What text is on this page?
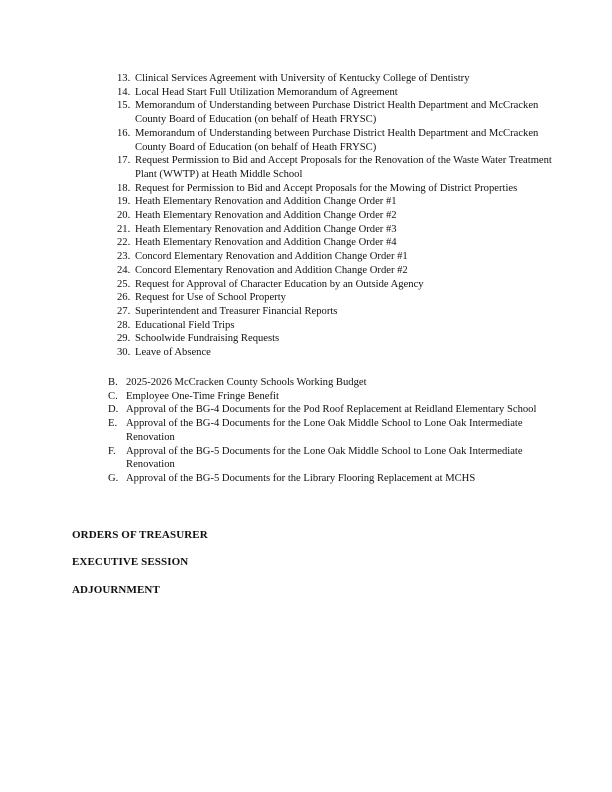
13. Clinical Services Agreement with University of Kentucky College of Dentistry
14. Local Head Start Full Utilization Memorandum of Agreement
15. Memorandum of Understanding between Purchase District Health Department and McCracken County Board of Education (on behalf of Heath FRYSC)
16. Memorandum of Understanding between Purchase District Health Department and McCracken County Board of Education (on behalf of Heath FRYSC)
17. Request Permission to Bid and Accept Proposals for the Renovation of the Waste Water Treatment Plant (WWTP) at Heath Middle School
18. Request for Permission to Bid and Accept Proposals for the Mowing of District Properties
19. Heath Elementary Renovation and Addition Change Order #1
20. Heath Elementary Renovation and Addition Change Order #2
21. Heath Elementary Renovation and Addition Change Order #3
22. Heath Elementary Renovation and Addition Change Order #4
23. Concord Elementary Renovation and Addition Change Order #1
24. Concord Elementary Renovation and Addition Change Order #2
25. Request for Approval of Character Education by an Outside Agency
26. Request for Use of School Property
27. Superintendent and Treasurer Financial Reports
28. Educational Field Trips
29. Schoolwide Fundraising Requests
30. Leave of Absence
B. 2025-2026 McCracken County Schools Working Budget
C. Employee One-Time Fringe Benefit
D. Approval of the BG-4 Documents for the Pod Roof Replacement at Reidland Elementary School
E. Approval of the BG-4 Documents for the Lone Oak Middle School to Lone Oak Intermediate Renovation
F. Approval of the BG-5 Documents for the Lone Oak Middle School to Lone Oak Intermediate Renovation
G. Approval of the BG-5 Documents for the Library Flooring Replacement at MCHS
ORDERS OF TREASURER
EXECUTIVE SESSION
ADJOURNMENT
